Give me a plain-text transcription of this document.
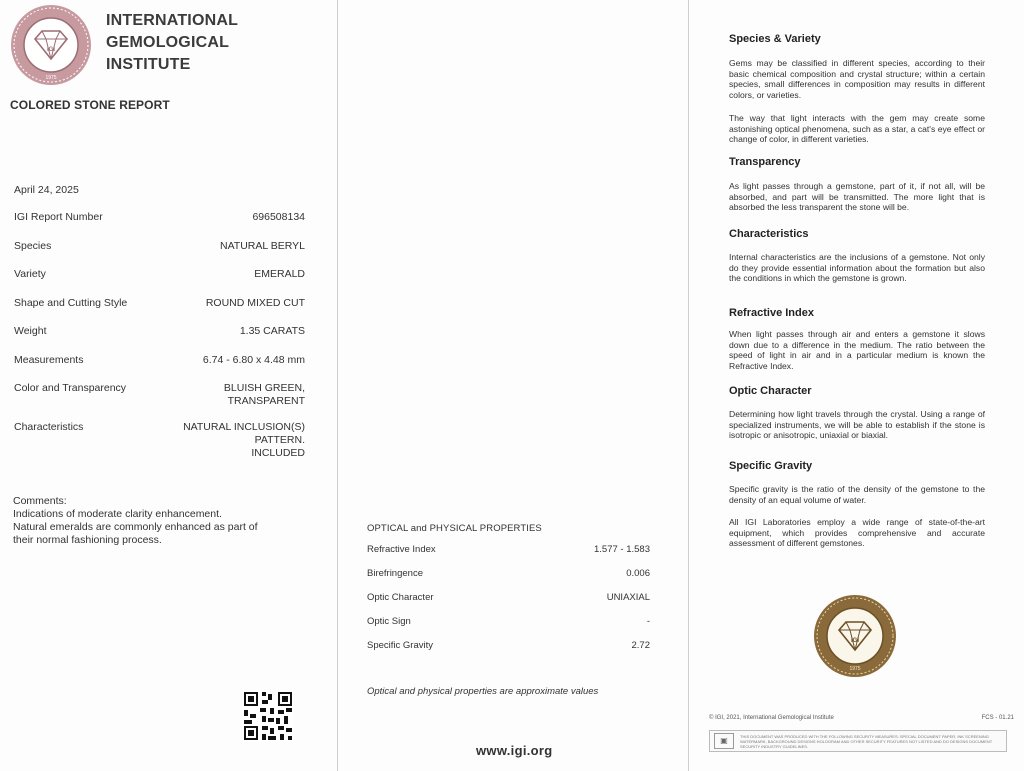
IGI
1975
INTERNATIONAL
GEMOLOGICAL
INSTITUTE
COLORED STONE REPORT
April 24, 2025
IGI Report Number	696508134
Species	NATURAL BERYL
Variety	EMERALD
Shape and Cutting Style	ROUND MIXED CUT
Weight	1.35 CARATS
Measurements	6.74 - 6.80 x 4.48 mm
Color and Transparency	BLUISH GREEN,
TRANSPARENT
Characteristics	NATURAL INCLUSION(S)
PATTERN.
INCLUDED
Comments:
Indications of moderate clarity enhancement.
Natural emeralds are commonly enhanced as part of
their normal fashioning process.
OPTICAL and PHYSICAL PROPERTIES
Refractive Index	1.577 - 1.583
Birefringence	0.006
Optic Character	UNIAXIAL
Optic Sign	-
Specific Gravity	2.72
Optical and physical properties are approximate values
www.igi.org
Species & Variety
Gems may be classified in different species, according to their basic chemical composition and crystal structure; within a certain species, small differences in composition may results in different colors, or varieties.
The way that light interacts with the gem may create some astonishing optical phenomena, such as a star, a cat's eye effect or change of color, in different varieties.
Transparency
As light passes through a gemstone, part of it, if not all, will be absorbed, and part will be transmitted. The more light that is absorbed the less transparent the stone will be.
Characteristics
Internal characteristics are the inclusions of a gemstone. Not only do they provide essential information about the formation but also the conditions in which the gemstone is grown.
Refractive Index
When light passes through air and enters a gemstone it slows down due to a difference in the medium. The ratio between the speed of light in air and in a particular medium is known the Refractive Index.
Optic Character
Determining how light travels through the crystal. Using a range of specialized instruments, we will be able to establish if the stone is isotropic or anisotropic, uniaxial or biaxial.
Specific Gravity
Specific gravity is the ratio of the density of the gemstone to the density of an equal volume of water.
All IGI Laboratories employ a wide range of state-of-the-art equipment, which provides comprehensive and accurate assessment of different gemstones.
IGI
1975
© IGI, 2021, International Gemological Institute	FCS - 01.21
▣	THIS DOCUMENT WAS PRODUCED WITH THE FOLLOWING SECURITY MEASURES: SPECIAL DOCUMENT PAPER, INK SCREENING WATERMARK, BACKGROUND DESIGNS HOLOGRAM AND OTHER SECURITY FEATURES NOT LISTED AND DO DESIGNS DOCUMENT SECURITY INDUSTRY GUIDELINES.
